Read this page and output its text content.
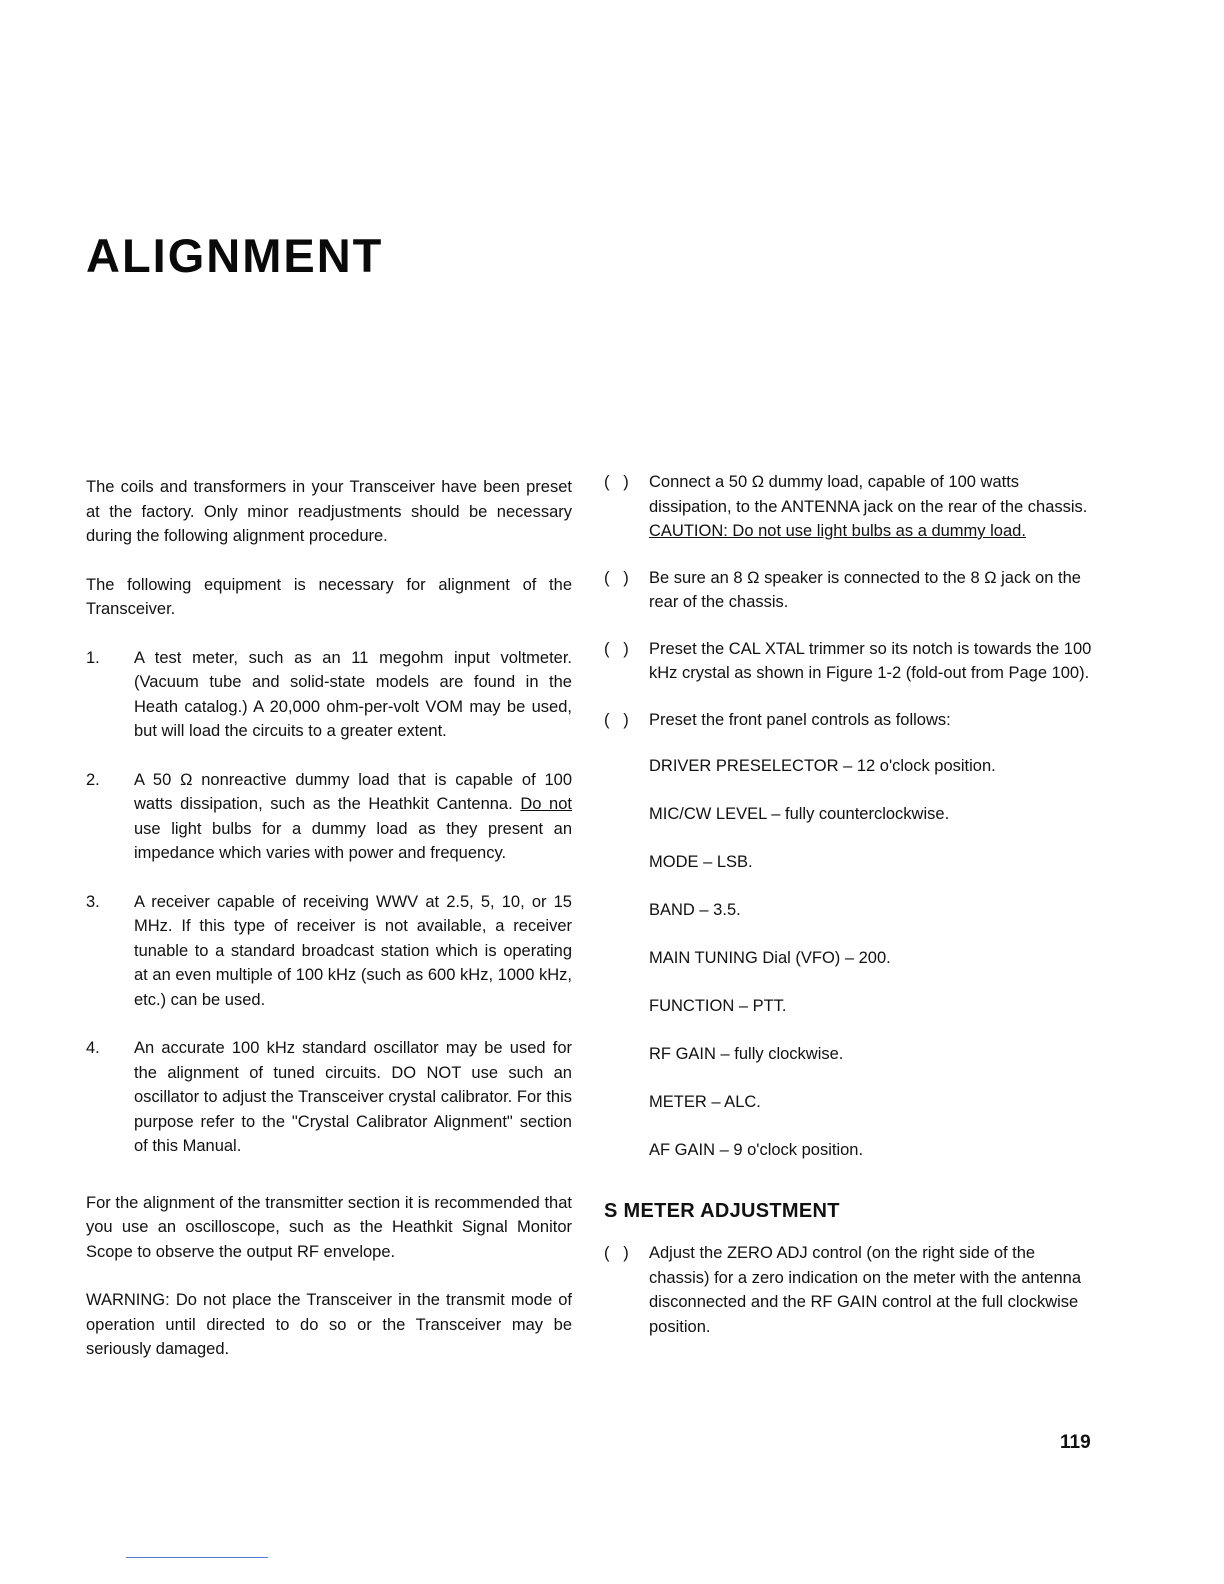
ALIGNMENT

The coils and transformers in your Transceiver have been preset at the factory. Only minor readjustments should be necessary during the following alignment procedure.

The following equipment is necessary for alignment of the Transceiver.

1.	A test meter, such as an 11 megohm input voltmeter. (Vacuum tube and solid-state models are found in the Heath catalog.) A 20,000 ohm-per-volt VOM may be used, but will load the circuits to a greater extent.
2.	A 50 Ω nonreactive dummy load that is capable of 100 watts dissipation, such as the Heathkit Cantenna. Do not use light bulbs for a dummy load as they present an impedance which varies with power and frequency.
3.	A receiver capable of receiving WWV at 2.5, 5, 10, or 15 MHz. If this type of receiver is not available, a receiver tunable to a standard broadcast station which is operating at an even multiple of 100 kHz (such as 600 kHz, 1000 kHz, etc.) can be used.
4.	An accurate 100 kHz standard oscillator may be used for the alignment of tuned circuits. DO NOT use such an oscillator to adjust the Transceiver crystal calibrator. For this purpose refer to the "Crystal Calibrator Alignment" section of this Manual.

For the alignment of the transmitter section it is recommended that you use an oscilloscope, such as the Heathkit Signal Monitor Scope to observe the output RF envelope.

WARNING: Do not place the Transceiver in the transmit mode of operation until directed to do so or the Transceiver may be seriously damaged.

(   )	Connect a 50 Ω dummy load, capable of 100 watts dissipation, to the ANTENNA jack on the rear of the chassis. CAUTION: Do not use light bulbs as a dummy load.
(   )	Be sure an 8 Ω speaker is connected to the 8 Ω jack on the rear of the chassis.
(   )	Preset the CAL XTAL trimmer so its notch is towards the 100 kHz crystal as shown in Figure 1-2 (fold-out from Page 100).
(   )	Preset the front panel controls as follows:

DRIVER PRESELECTOR – 12 o'clock position.

MIC/CW LEVEL – fully counterclockwise.

MODE – LSB.

BAND – 3.5.

MAIN TUNING Dial (VFO) – 200.

FUNCTION – PTT.

RF GAIN – fully clockwise.

METER – ALC.

AF GAIN – 9 o'clock position.

S METER ADJUSTMENT
(   )	Adjust the ZERO ADJ control (on the right side of the chassis) for a zero indication on the meter with the antenna disconnected and the RF GAIN control at the full clockwise position.
119
